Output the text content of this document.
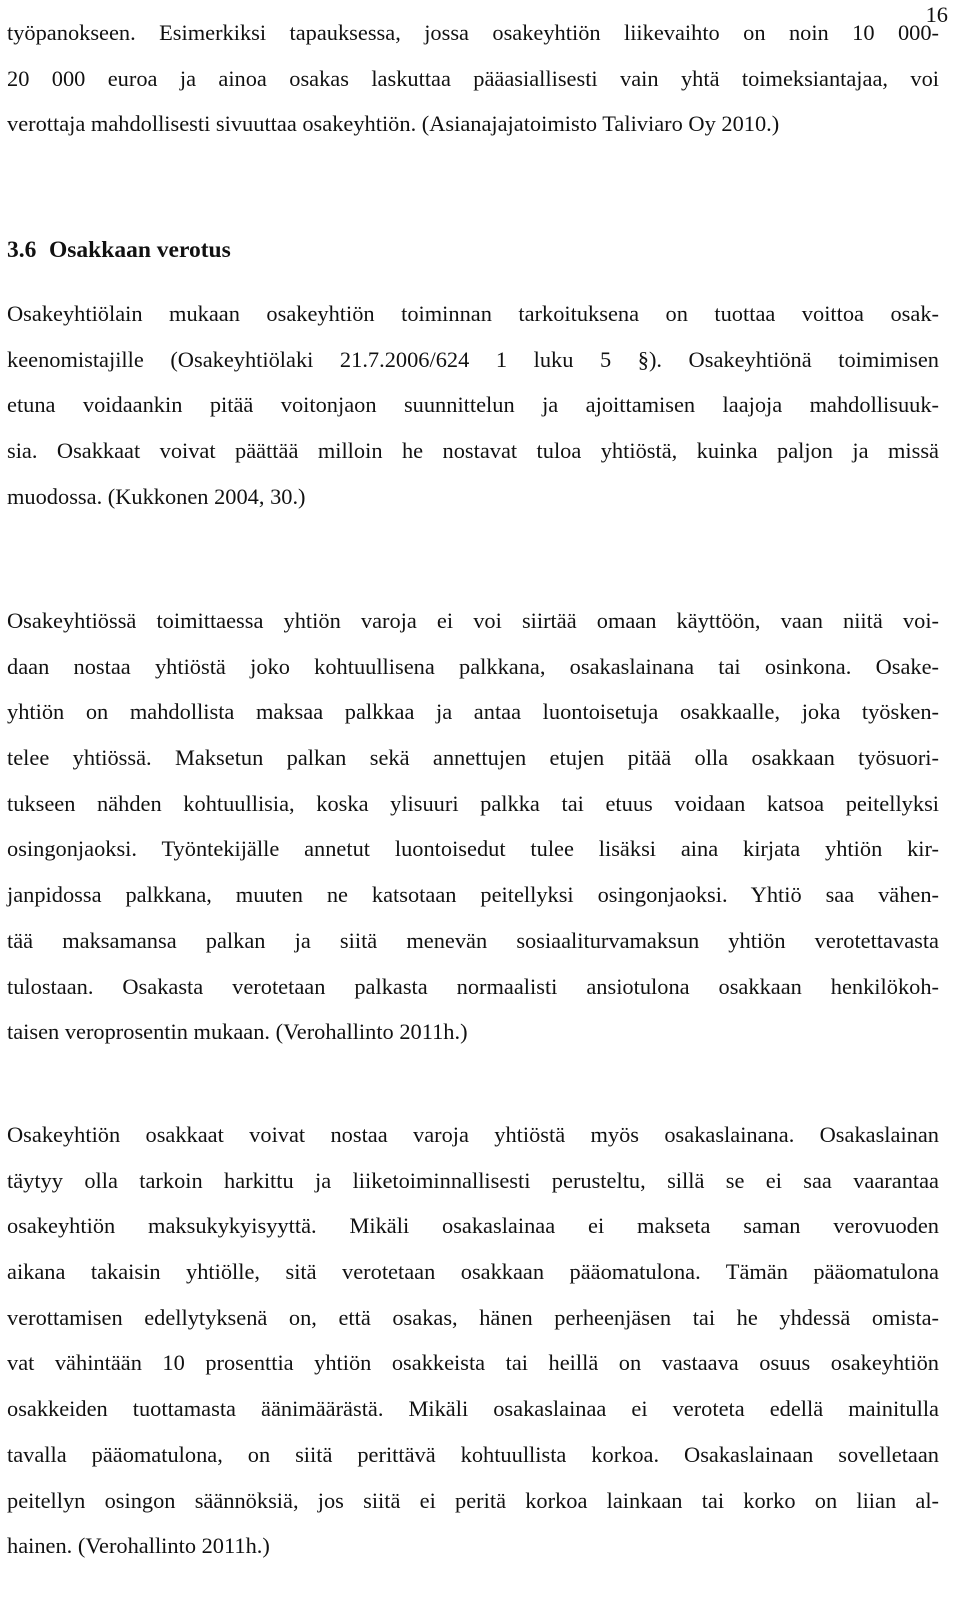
16
työpanokseen. Esimerkiksi tapauksessa, jossa osakeyhtiön liikevaihto on noin 10 000-
20 000 euroa ja ainoa osakas laskuttaa pääasiallisesti vain yhtä toimeksiantajaa, voi
verottaja mahdollisesti sivuuttaa osakeyhtiön. (Asianajajatoimisto Taliviaro Oy 2010.)
3.6 Osakkaan verotus
Osakeyhtiölain mukaan osakeyhtiön toiminnan tarkoituksena on tuottaa voittoa osak-
keenomistajille (Osakeyhtiölaki 21.7.2006/624 1 luku 5 §). Osakeyhtiönä toimimisen
etuna voidaankin pitää voitonjaon suunnittelun ja ajoittamisen laajoja mahdollisuuk-
sia. Osakkaat voivat päättää milloin he nostavat tuloa yhtiöstä, kuinka paljon ja missä
muodossa. (Kukkonen 2004, 30.)
Osakeyhtiössä toimittaessa yhtiön varoja ei voi siirtää omaan käyttöön, vaan niitä voi-
daan nostaa yhtiöstä joko kohtuullisena palkkana, osakaslainana tai osinkona. Osake-
yhtiön on mahdollista maksaa palkkaa ja antaa luontoisetuja osakkaalle, joka työsken-
telee yhtiössä. Maksetun palkan sekä annettujen etujen pitää olla osakkaan työsuori-
tukseen nähden kohtuullisia, koska ylisuuri palkka tai etuus voidaan katsoa peitellyksi
osingonjaoksi. Työntekijälle annetut luontoisedut tulee lisäksi aina kirjata yhtiön kir-
janpidossa palkkana, muuten ne katsotaan peitellyksi osingonjaoksi. Yhtiö saa vähen-
tää maksamansa palkan ja siitä menevän sosiaaliturvamaksun yhtiön verotettavasta
tulostaan. Osakasta verotetaan palkasta normaalisti ansiotulona osakkaan henkilökoh-
taisen veroprosentin mukaan. (Verohallinto 2011h.)
Osakeyhtiön osakkaat voivat nostaa varoja yhtiöstä myös osakaslainana. Osakaslainan
täytyy olla tarkoin harkittu ja liiketoiminnallisesti perusteltu, sillä se ei saa vaarantaa
osakeyhtiön maksukykyisyyttä. Mikäli osakaslainaa ei makseta saman verovuoden
aikana takaisin yhtiölle, sitä verotetaan osakkaan pääomatulona. Tämän pääomatulona
verottamisen edellytyksenä on, että osakas, hänen perheenjäsen tai he yhdessä omista-
vat vähintään 10 prosenttia yhtiön osakkeista tai heillä on vastaava osuus osakeyhtiön
osakkeiden tuottamasta äänimäärästä. Mikäli osakaslainaa ei veroteta edellä mainitulla
tavalla pääomatulona, on siitä perittävä kohtuullista korkoa. Osakaslainaan sovelletaan
peitellyn osingon säännöksiä, jos siitä ei peritä korkoa lainkaan tai korko on liian al-
hainen. (Verohallinto 2011h.)
